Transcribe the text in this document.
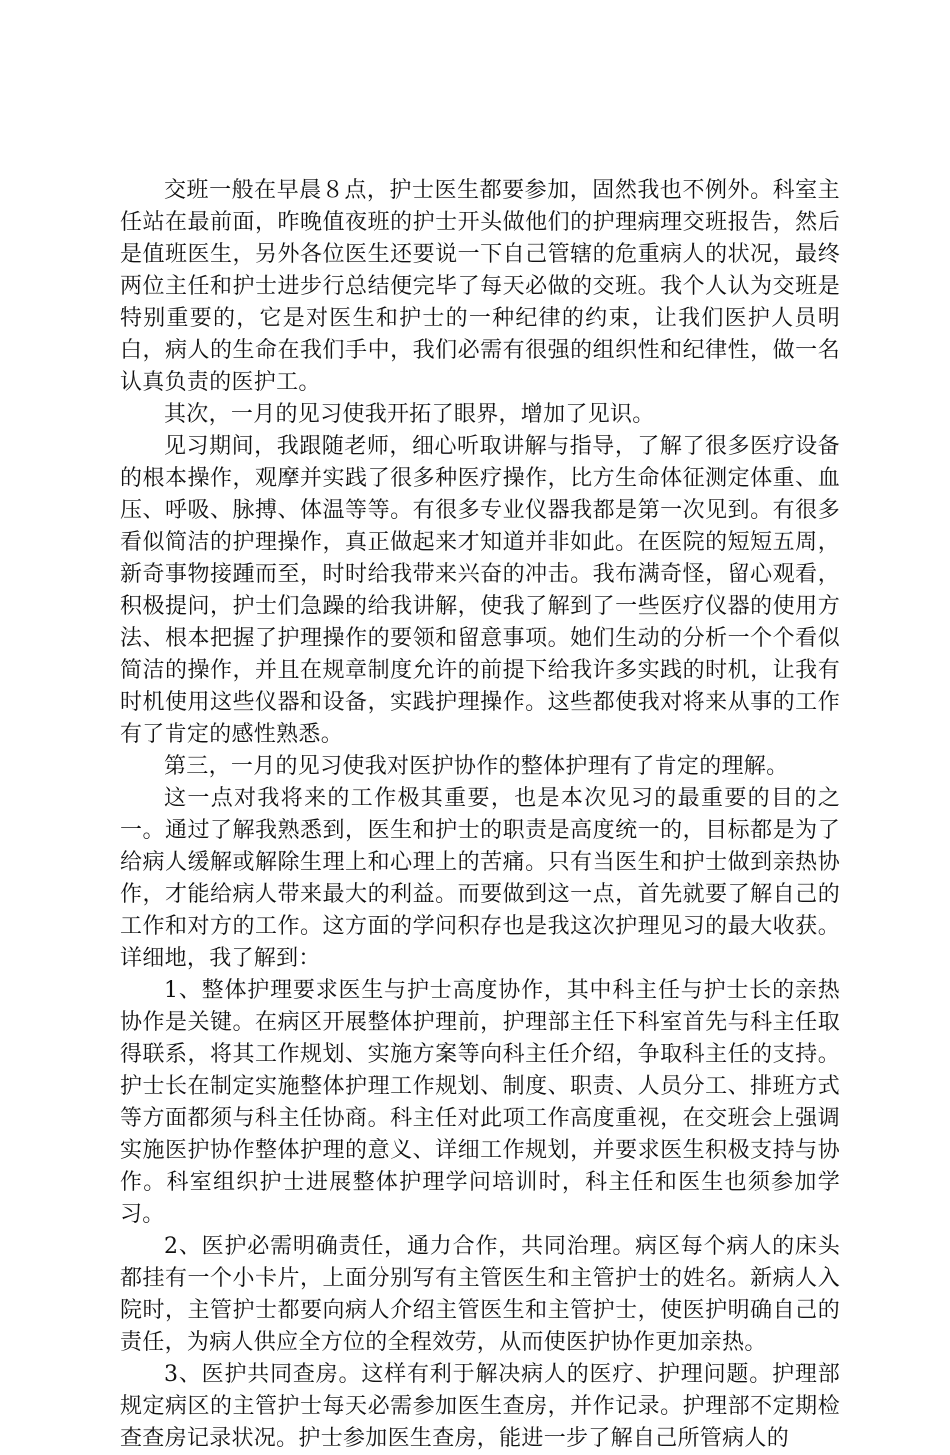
交班一般在早晨８点，护士医生都要参加，固然我也不例外。科室主任站在最前面，昨晚值夜班的护士开头做他们的护理病理交班报告，然后是值班医生，另外各位医生还要说一下自己管辖的危重病人的状况，最终两位主任和护士进步行总结便完毕了每天必做的交班。我个人认为交班是特别重要的，它是对医生和护士的一种纪律的约束，让我们医护人员明白，病人的生命在我们手中，我们必需有很强的组织性和纪律性，做一名认真负责的医护工。

其次，一月的见习使我开拓了眼界，增加了见识。

见习期间，我跟随老师，细心听取讲解与指导，了解了很多医疗设备的根本操作，观摩并实践了很多种医疗操作，比方生命体征测定体重、血压、呼吸、脉搏、体温等等。有很多专业仪器我都是第一次见到。有很多看似简洁的护理操作，真正做起来才知道并非如此。在医院的短短五周，新奇事物接踵而至，时时给我带来兴奋的冲击。我布满奇怪，留心观看，积极提问，护士们急躁的给我讲解，使我了解到了一些医疗仪器的使用方法、根本把握了护理操作的要领和留意事项。她们生动的分析一个个看似简洁的操作，并且在规章制度允许的前提下给我许多实践的时机，让我有时机使用这些仪器和设备，实践护理操作。这些都使我对将来从事的工作有了肯定的感性熟悉。

第三，一月的见习使我对医护协作的整体护理有了肯定的理解。

这一点对我将来的工作极其重要，也是本次见习的最重要的目的之一。通过了解我熟悉到，医生和护士的职责是高度统一的，目标都是为了给病人缓解或解除生理上和心理上的苦痛。只有当医生和护士做到亲热协作，才能给病人带来最大的利益。而要做到这一点，首先就要了解自己的工作和对方的工作。这方面的学问积存也是我这次护理见习的最大收获。详细地，我了解到：

1、整体护理要求医生与护士高度协作，其中科主任与护士长的亲热协作是关键。在病区开展整体护理前，护理部主任下科室首先与科主任取得联系，将其工作规划、实施方案等向科主任介绍，争取科主任的支持。护士长在制定实施整体护理工作规划、制度、职责、人员分工、排班方式等方面都须与科主任协商。科主任对此项工作高度重视，在交班会上强调实施医护协作整体护理的意义、详细工作规划，并要求医生积极支持与协作。科室组织护士进展整体护理学问培训时，科主任和医生也须参加学习。

2、医护必需明确责任，通力合作，共同治理。病区每个病人的床头都挂有一个小卡片，上面分别写有主管医生和主管护士的姓名。新病人入院时，主管护士都要向病人介绍主管医生和主管护士，使医护明确自己的责任，为病人供应全方位的全程效劳，从而使医护协作更加亲热。

3、医护共同查房。这样有利于解决病人的医疗、护理问题。护理部规定病区的主管护士每天必需参加医生查房，并作记录。护理部不定期检查查房记录状况。护士参加医生查房，能进一步了解自己所管病人的
